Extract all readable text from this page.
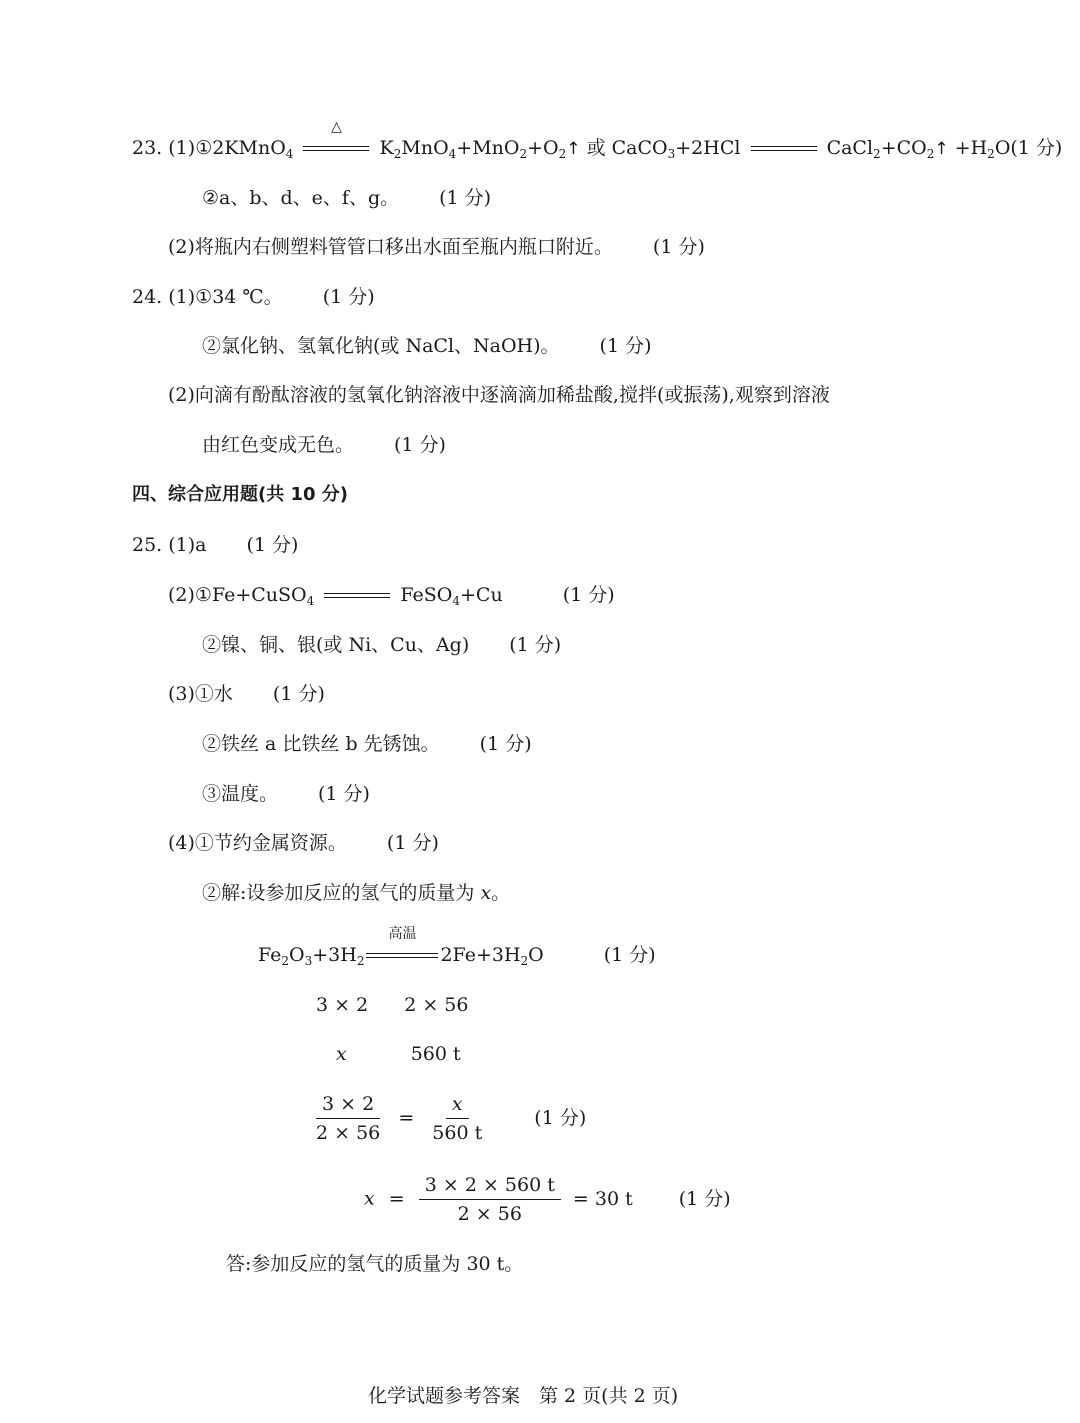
23. (1)①2KMnO$_4$
△
$K_2MnO_4+MnO_2+O_2↑$ 或 CaCO$_3$+2HCl	$CaCl_2+CO_2↑ +H_2O(1$ 分)
②a、b、d、e、f、g。 (1 分)
(2)将瓶内右侧塑料管管口移出水面至瓶内瓶口附近。 (1 分)
24. (1)①34 ℃。 (1 分)
②氯化钠、氢氧化钠(或 NaCl、NaOH)。 (1 分)
(2)向滴有酚酞溶液的氢氧化钠溶液中逐滴滴加稀盐酸,搅拌(或振荡),观察到溶液
由红色变成无色。 (1 分)
四、综合应用题(共 10 分)
25. (1)a (1 分)
(2)①Fe+CuSO$_4$	FeSO$_4$+Cu	(1 分)
②镍、铜、银(或 Ni、Cu、Ag) (1 分)
(3)①水 (1 分)
②铁丝 a 比铁丝 b 先锈蚀。 (1 分)
③温度。 (1 分)
(4)①节约金属资源。 (1 分)
②解:设参加反应的氢气的质量为 x。
$Fe_2O_3+3H_2$
高温
$2Fe+3H_2O$	(1 分)
3 × 2 2 × 56
x	560 t
$\frac{3 \times 2}{2 \times 56} = \frac{x}{560 t} (1$ 分)
$x = \frac{3 \times 2 \times 560 t}{2 \times 56} = 30$ t (1 分)
答:参加反应的氢气的质量为 30 t。
化学试题参考答案　第 2 页(共 2 页)
